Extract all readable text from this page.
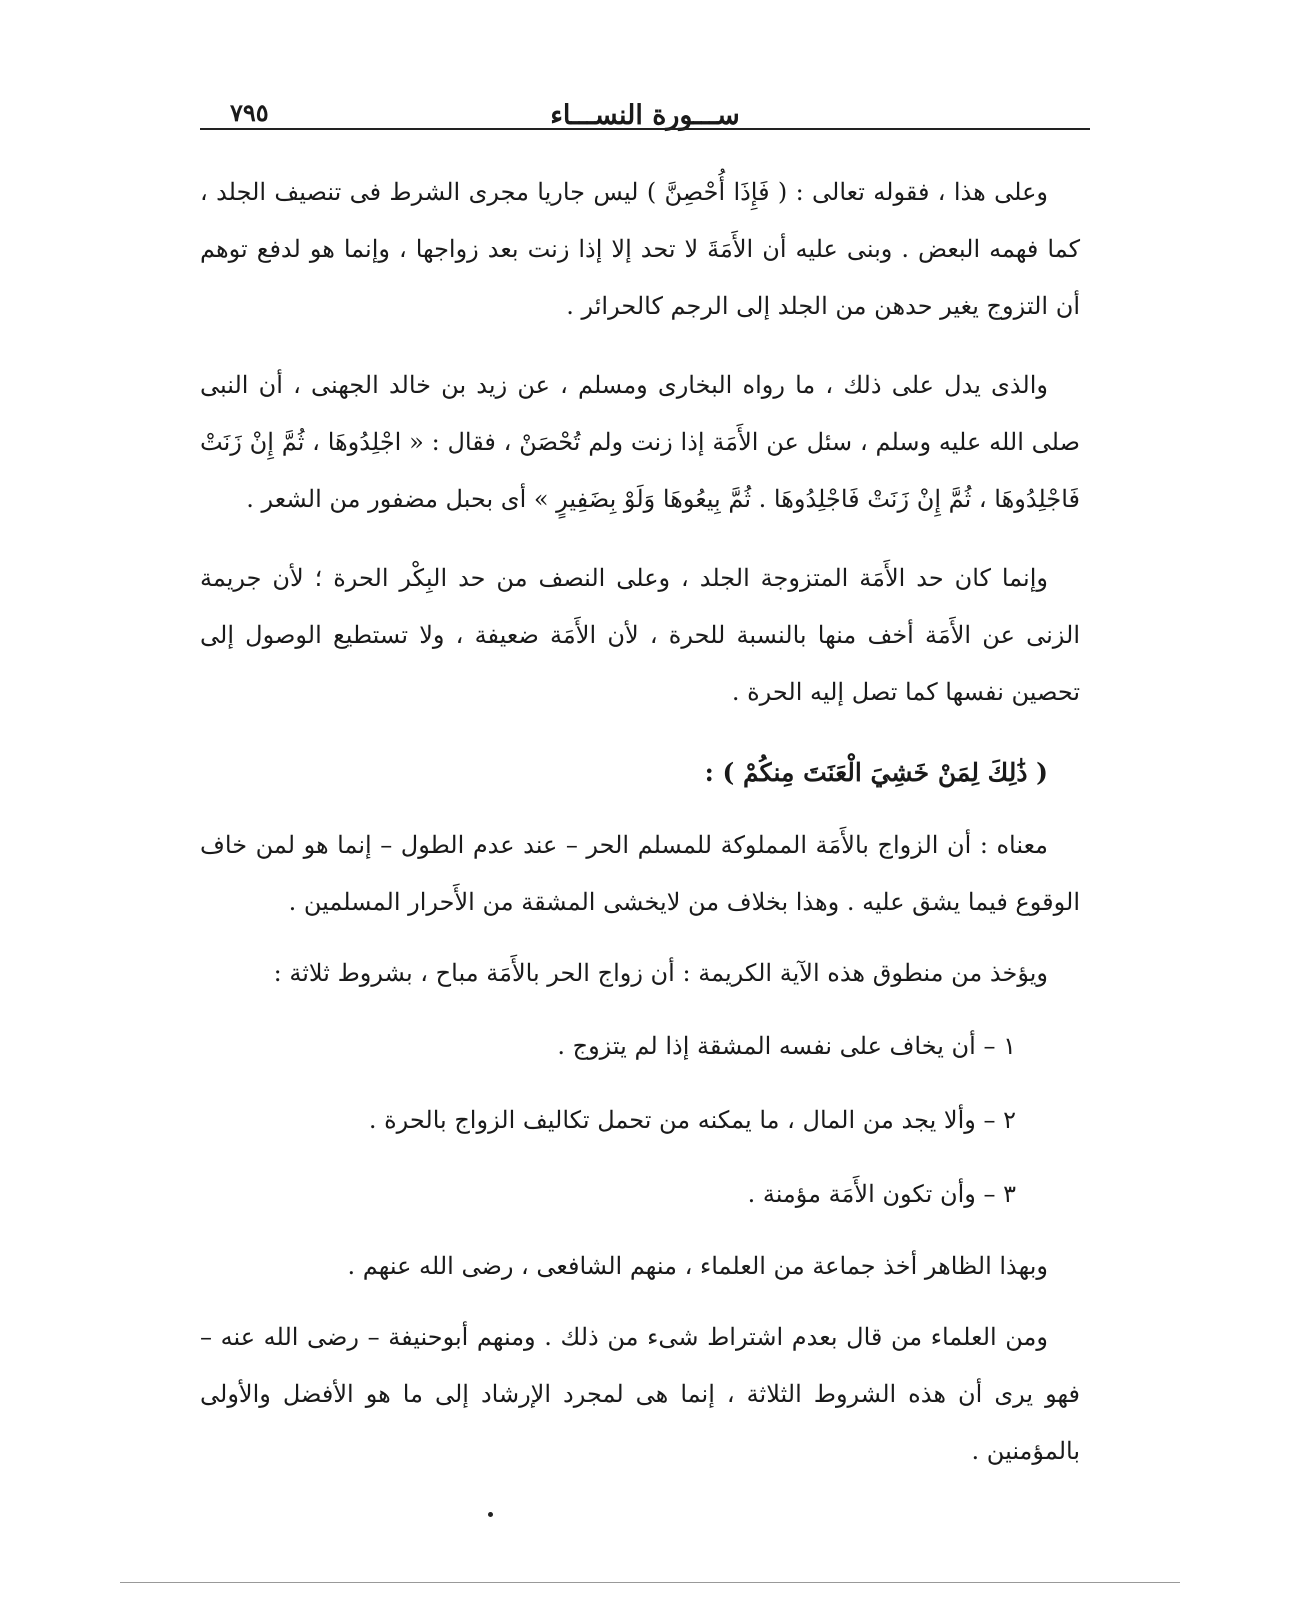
ســـورة النســـاء
٧٩٥

وعلى هذا ، فقوله تعالى : ( فَإِذَا أُحْصِنَّ ) ليس جاريا مجرى الشرط فى تنصيف الجلد ، كما فهمه البعض . وبنى عليه أن الأَمَةَ لا تحد إلا إذا زنت بعد زواجها ، وإنما هو لدفع توهم أن التزوج يغير حدهن من الجلد إلى الرجم كالحرائر .

والذى يدل على ذلك ، ما رواه البخارى ومسلم ، عن زيد بن خالد الجهنى ، أن النبى صلى الله عليه وسلم ، سئل عن الأَمَة إذا زنت ولم تُحْصَنْ ، فقال : « اجْلِدُوهَا ، ثُمَّ إِنْ زَنَتْ فَاجْلِدُوهَا ، ثُمَّ إِنْ زَنَتْ فَاجْلِدُوهَا . ثُمَّ بِيعُوهَا وَلَوْ بِضَفِيرٍ » أى بحبل مضفور من الشعر .

وإنما كان حد الأَمَة المتزوجة الجلد ، وعلى النصف من حد البِكْر الحرة ؛ لأن جريمة الزنى عن الأَمَة أخف منها بالنسبة للحرة ، لأن الأَمَة ضعيفة ، ولا تستطيع الوصول إلى تحصين نفسها كما تصل إليه الحرة .

( ذَٰلِكَ لِمَنْ خَشِيَ الْعَنَتَ مِنكُمْ ) :

معناه : أن الزواج بالأَمَة المملوكة للمسلم الحر – عند عدم الطول – إنما هو لمن خاف الوقوع فيما يشق عليه . وهذا بخلاف من لايخشى المشقة من الأَحرار المسلمين .

ويؤخذ من منطوق هذه الآية الكريمة : أن زواج الحر بالأَمَة مباح ، بشروط ثلاثة :

١ – أن يخاف على نفسه المشقة إذا لم يتزوج .

٢ – وألا يجد من المال ، ما يمكنه من تحمل تكاليف الزواج بالحرة .

٣ – وأن تكون الأَمَة مؤمنة .

وبهذا الظاهر أخذ جماعة من العلماء ، منهم الشافعى ، رضى الله عنهم .

ومن العلماء من قال بعدم اشتراط شىء من ذلك . ومنهم أبوحنيفة – رضى الله عنه – فهو يرى أن هذه الشروط الثلاثة ، إنما هى لمجرد الإرشاد إلى ما هو الأفضل والأولى بالمؤمنين .
